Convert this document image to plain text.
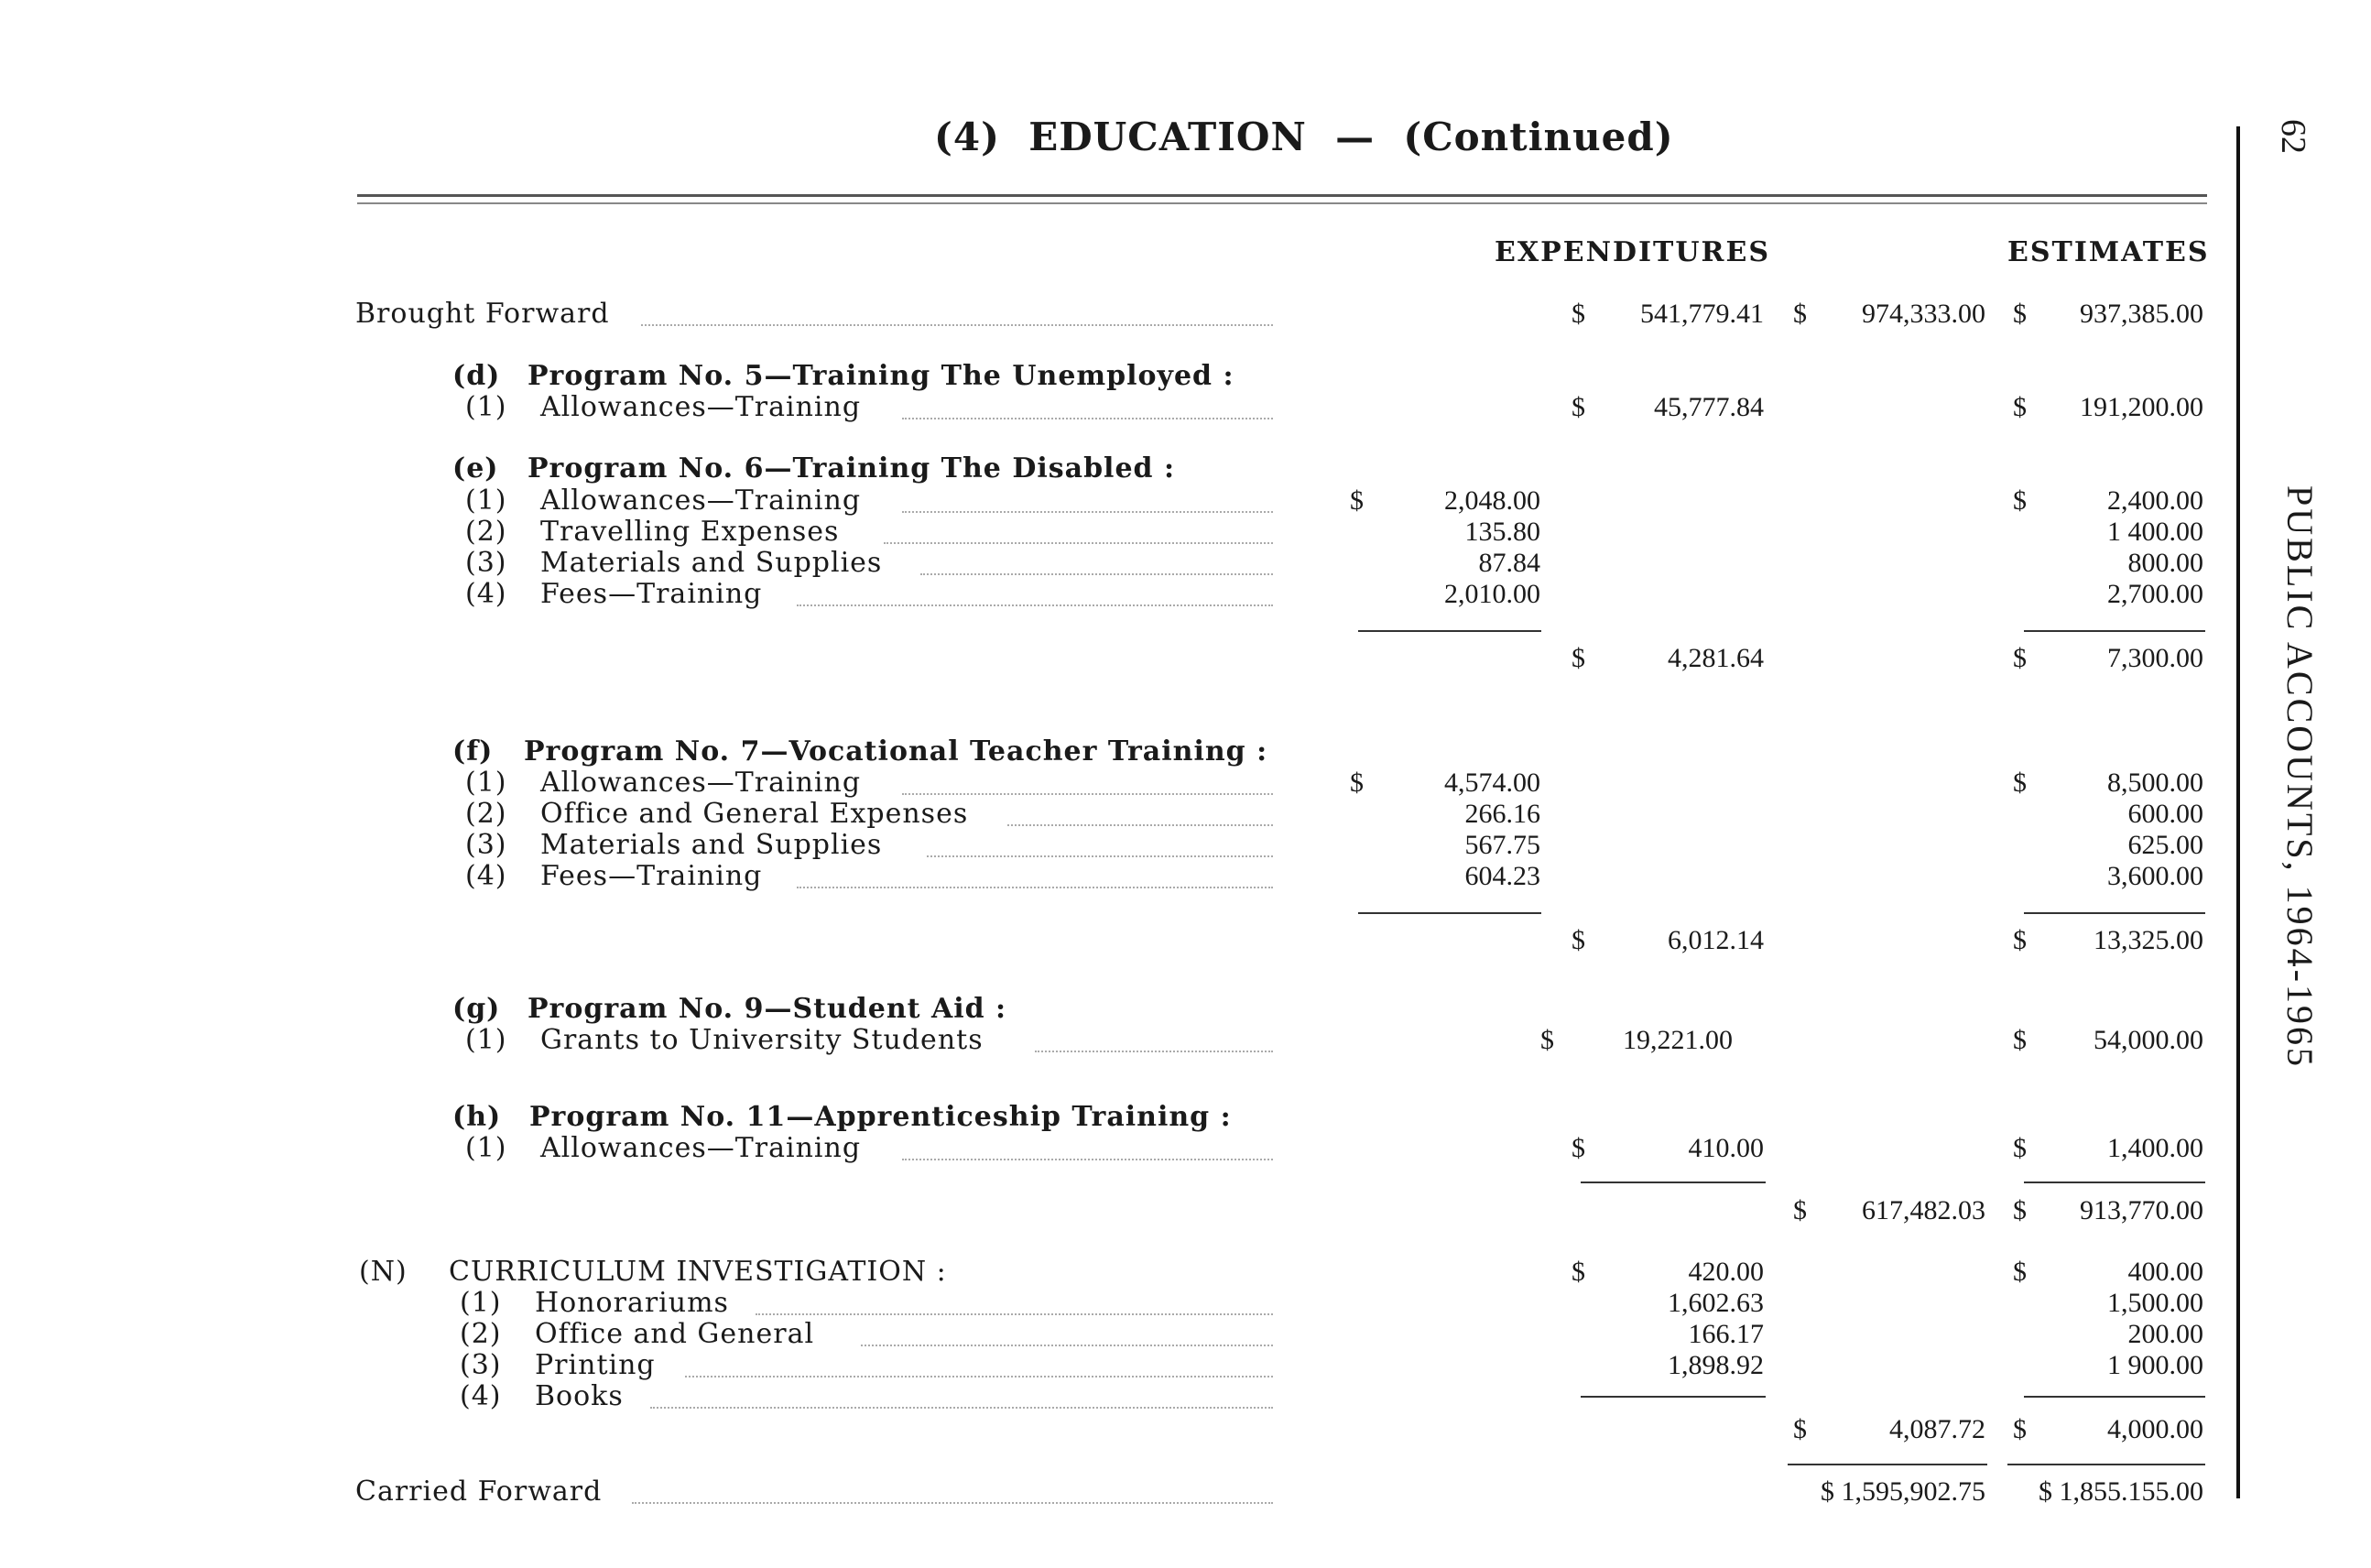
(4)  EDUCATION  —  (Continued)	62
PUBLIC ACCOUNTS, 1964-1965
EXPENDITURES	ESTIMATES
Brought Forward	$	541,779.41 $	974,333.00 $	937,385.00
(d) Program No. 5—Training The Unemployed :
(1) Allowances—Training	$	45,777.84	$	191,200.00
(e) Program No. 6—Training The Disabled :
(1) Allowances—Training	$	2,048.00	$	2,400.00
(2) Travelling Expenses	135.80	1 400.00
(3) Materials and Supplies	87.84	800.00
(4) Fees—Training	2,010.00	2,700.00
$	4,281.64	$	7,300.00
(f) Program No. 7—Vocational Teacher Training :
(1) Allowances—Training	$	4,574.00	$	8,500.00
(2) Office and General Expenses	266.16	600.00
(3) Materials and Supplies	567.75	625.00
(4) Fees—Training	604.23	3,600.00
$	6,012.14	$	13,325.00
(g) Program No. 9—Student Aid :
(1) Grants to University Students	$	19,221.00	$	54,000.00
(h) Program No. 11—Apprenticeship Training :
(1) Allowances—Training	$	410.00	$	1,400.00
$	617,482.03 $	913,770.00
(N) CURRICULUM INVESTIGATION :	$	420.00	$	400.00
(1) Honorariums	1,602.63	1,500.00
(2) Office and General	166.17	200.00
(3) Printing	1,898.92	1 900.00
(4) Books
$	4,087.72 $	4,000.00
Carried Forward	$ 1,595,902.75	$ 1,855.155.00
